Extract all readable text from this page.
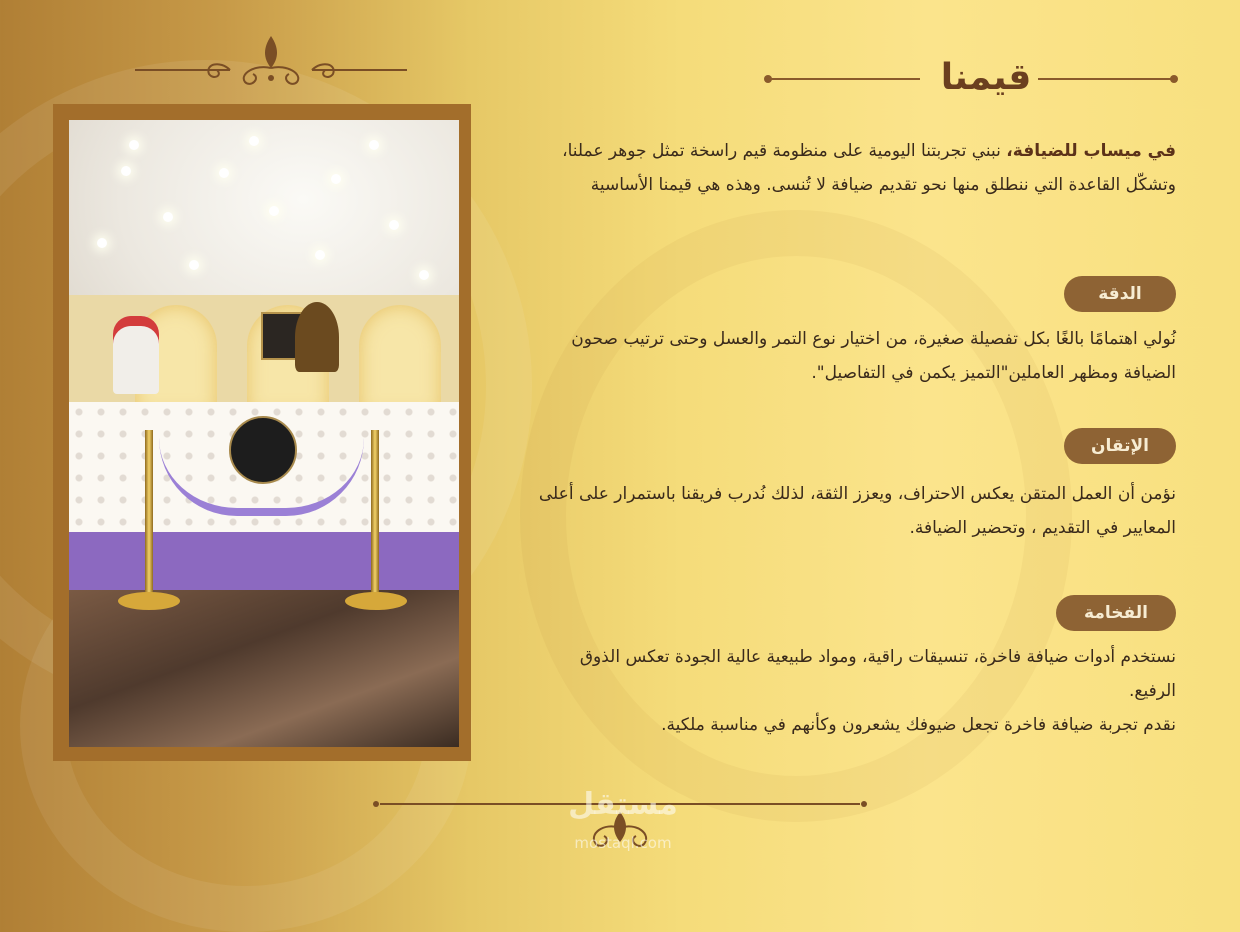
قيمنا
في ميساب للضيافة، نبني تجربتنا اليومية على منظومة قيم راسخة تمثل جوهر عملنا، وتشكّل القاعدة التي ننطلق منها نحو تقديم ضيافة لا تُنسى. وهذه هي قيمنا الأساسية
الدقة
نُولي اهتمامًا بالغًا بكل تفصيلة صغيرة، من اختيار نوع التمر والعسل وحتى ترتيب صحون الضيافة ومظهر العاملين"التميز يكمن في التفاصيل".
الإتقان
نؤمن أن العمل المتقن يعكس الاحتراف، ويعزز الثقة، لذلك نُدرب فريقنا باستمرار على أعلى المعايير في التقديم ، وتحضير الضيافة.
الفخامة
نستخدم أدوات ضيافة فاخرة، تنسيقات راقية، ومواد طبيعية عالية الجودة تعكس الذوق الرفيع.
نقدم تجربة ضيافة فاخرة تجعل ضيوفك يشعرون وكأنهم في مناسبة ملكية.
مستقل
mostaql.com
